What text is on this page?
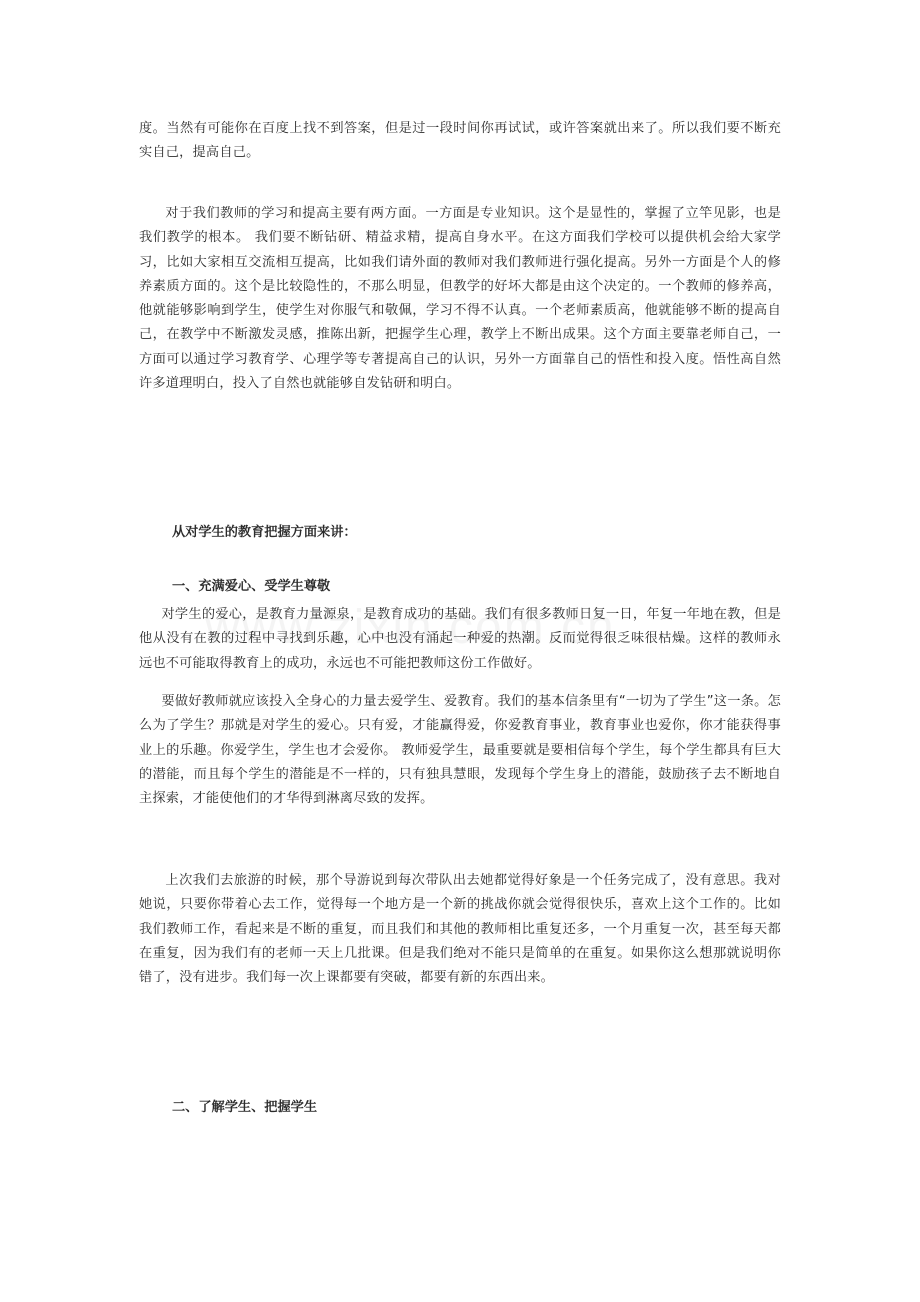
度。当然有可能你在百度上找不到答案，但是过一段时间你再试试，或许答案就出来了。所以我们要不断充实自己，提高自己。

对于我们教师的学习和提高主要有两方面。一方面是专业知识。这个是显性的，掌握了立竿见影，也是我们教学的根本。 我们要不断钻研、精益求精，提高自身水平。在这方面我们学校可以提供机会给大家学习，比如大家相互交流相互提高，比如我们请外面的教师对我们教师进行强化提高。另外一方面是个人的修养素质方面的。这个是比较隐性的，不那么明显，但教学的好坏大都是由这个决定的。一个教师的修养高，他就能够影响到学生，使学生对你服气和敬佩，学习不得不认真。一个老师素质高，他就能够不断的提高自己，在教学中不断激发灵感，推陈出新，把握学生心理，教学上不断出成果。这个方面主要靠老师自己，一方面可以通过学习教育学、心理学等专著提高自己的认识，另外一方面靠自己的悟性和投入度。悟性高自然许多道理明白，投入了自然也就能够自发钻研和明白。

从对学生的教育把握方面来讲：

一、充满爱心、受学生尊敬

对学生的爱心，是教育力量源泉，是教育成功的基础。我们有很多教师日复一日，年复一年地在教，但是他从没有在教的过程中寻找到乐趣，心中也没有涌起一种爱的热潮。反而觉得很乏味很枯燥。这样的教师永远也不可能取得教育上的成功，永远也不可能把教师这份工作做好。

要做好教师就应该投入全身心的力量去爱学生、爱教育。我们的基本信条里有“一切为了学生”这一条。怎么为了学生？那就是对学生的爱心。只有爱，才能赢得爱，你爱教育事业，教育事业也爱你，你才能获得事业上的乐趣。你爱学生，学生也才会爱你。 教师爱学生，最重要就是要相信每个学生，每个学生都具有巨大的潜能，而且每个学生的潜能是不一样的，只有独具慧眼，发现每个学生身上的潜能，鼓励孩子去不断地自主探索，才能使他们的才华得到淋离尽致的发挥。

上次我们去旅游的时候，那个导游说到每次带队出去她都觉得好象是一个任务完成了，没有意思。我对她说，只要你带着心去工作，觉得每一个地方是一个新的挑战你就会觉得很快乐，喜欢上这个工作的。比如我们教师工作，看起来是不断的重复，而且我们和其他的教师相比重复还多，一个月重复一次，甚至每天都在重复，因为我们有的老师一天上几批课。但是我们绝对不能只是简单的在重复。如果你这么想那就说明你错了，没有进步。我们每一次上课都要有突破，都要有新的东西出来。

二、了解学生、把握学生
